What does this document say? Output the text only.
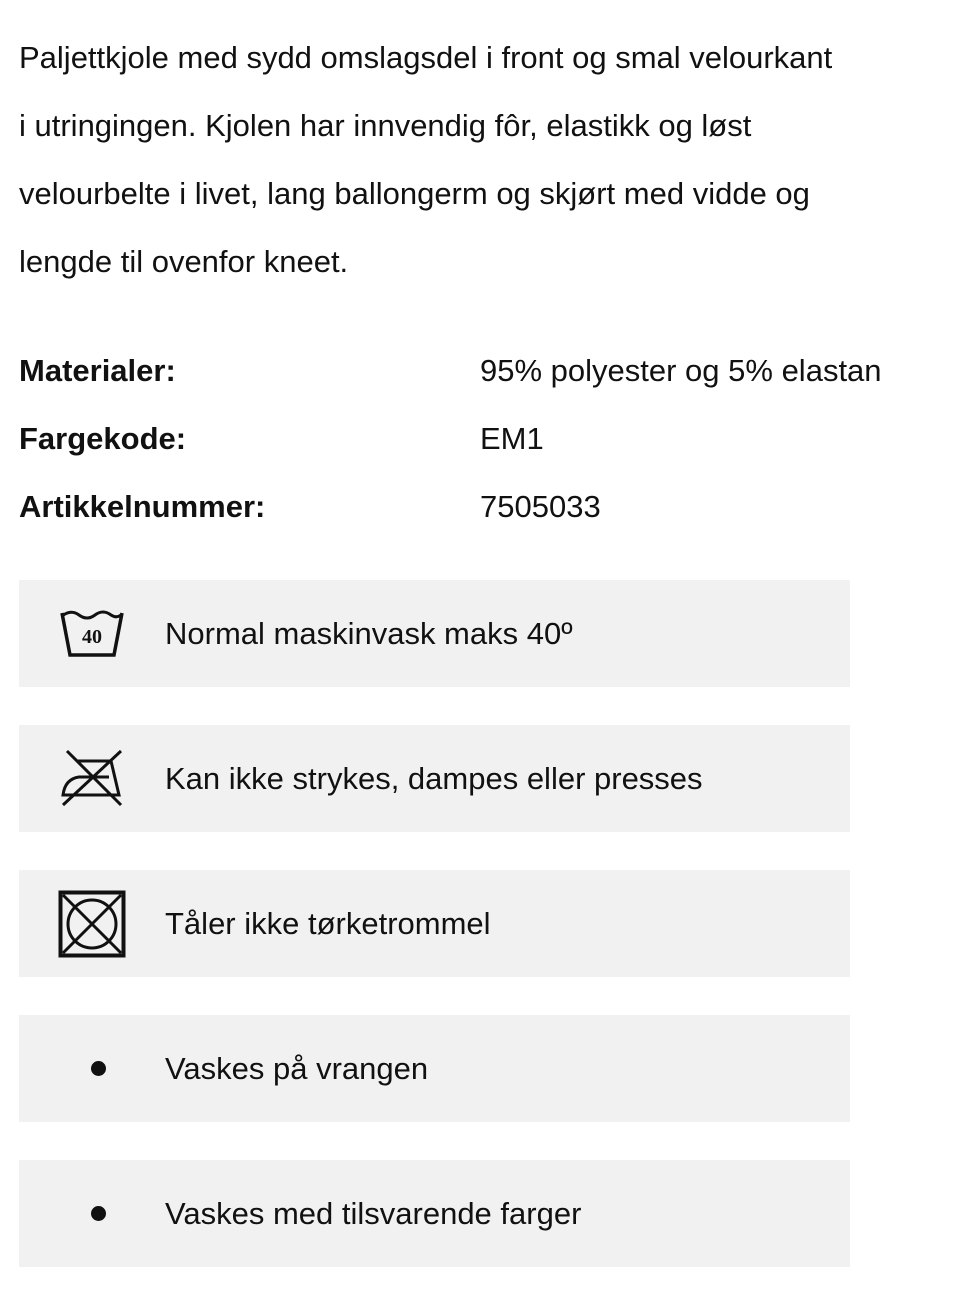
Paljettkjole med sydd omslagsdel i front og smal velourkant
i utringingen. Kjolen har innvendig fôr, elastikk og løst
velourbelte i livet, lang ballongerm og skjørt med vidde og
lengde til ovenfor kneet.

Materialer:	95% polyester og 5% elastan
Fargekode:	EM1
Artikkelnummer:	7505033
40 Normal maskinvask maks 40º
Kan ikke strykes, dampes eller presses
Tåler ikke tørketrommel
Vaskes på vrangen
Vaskes med tilsvarende farger
